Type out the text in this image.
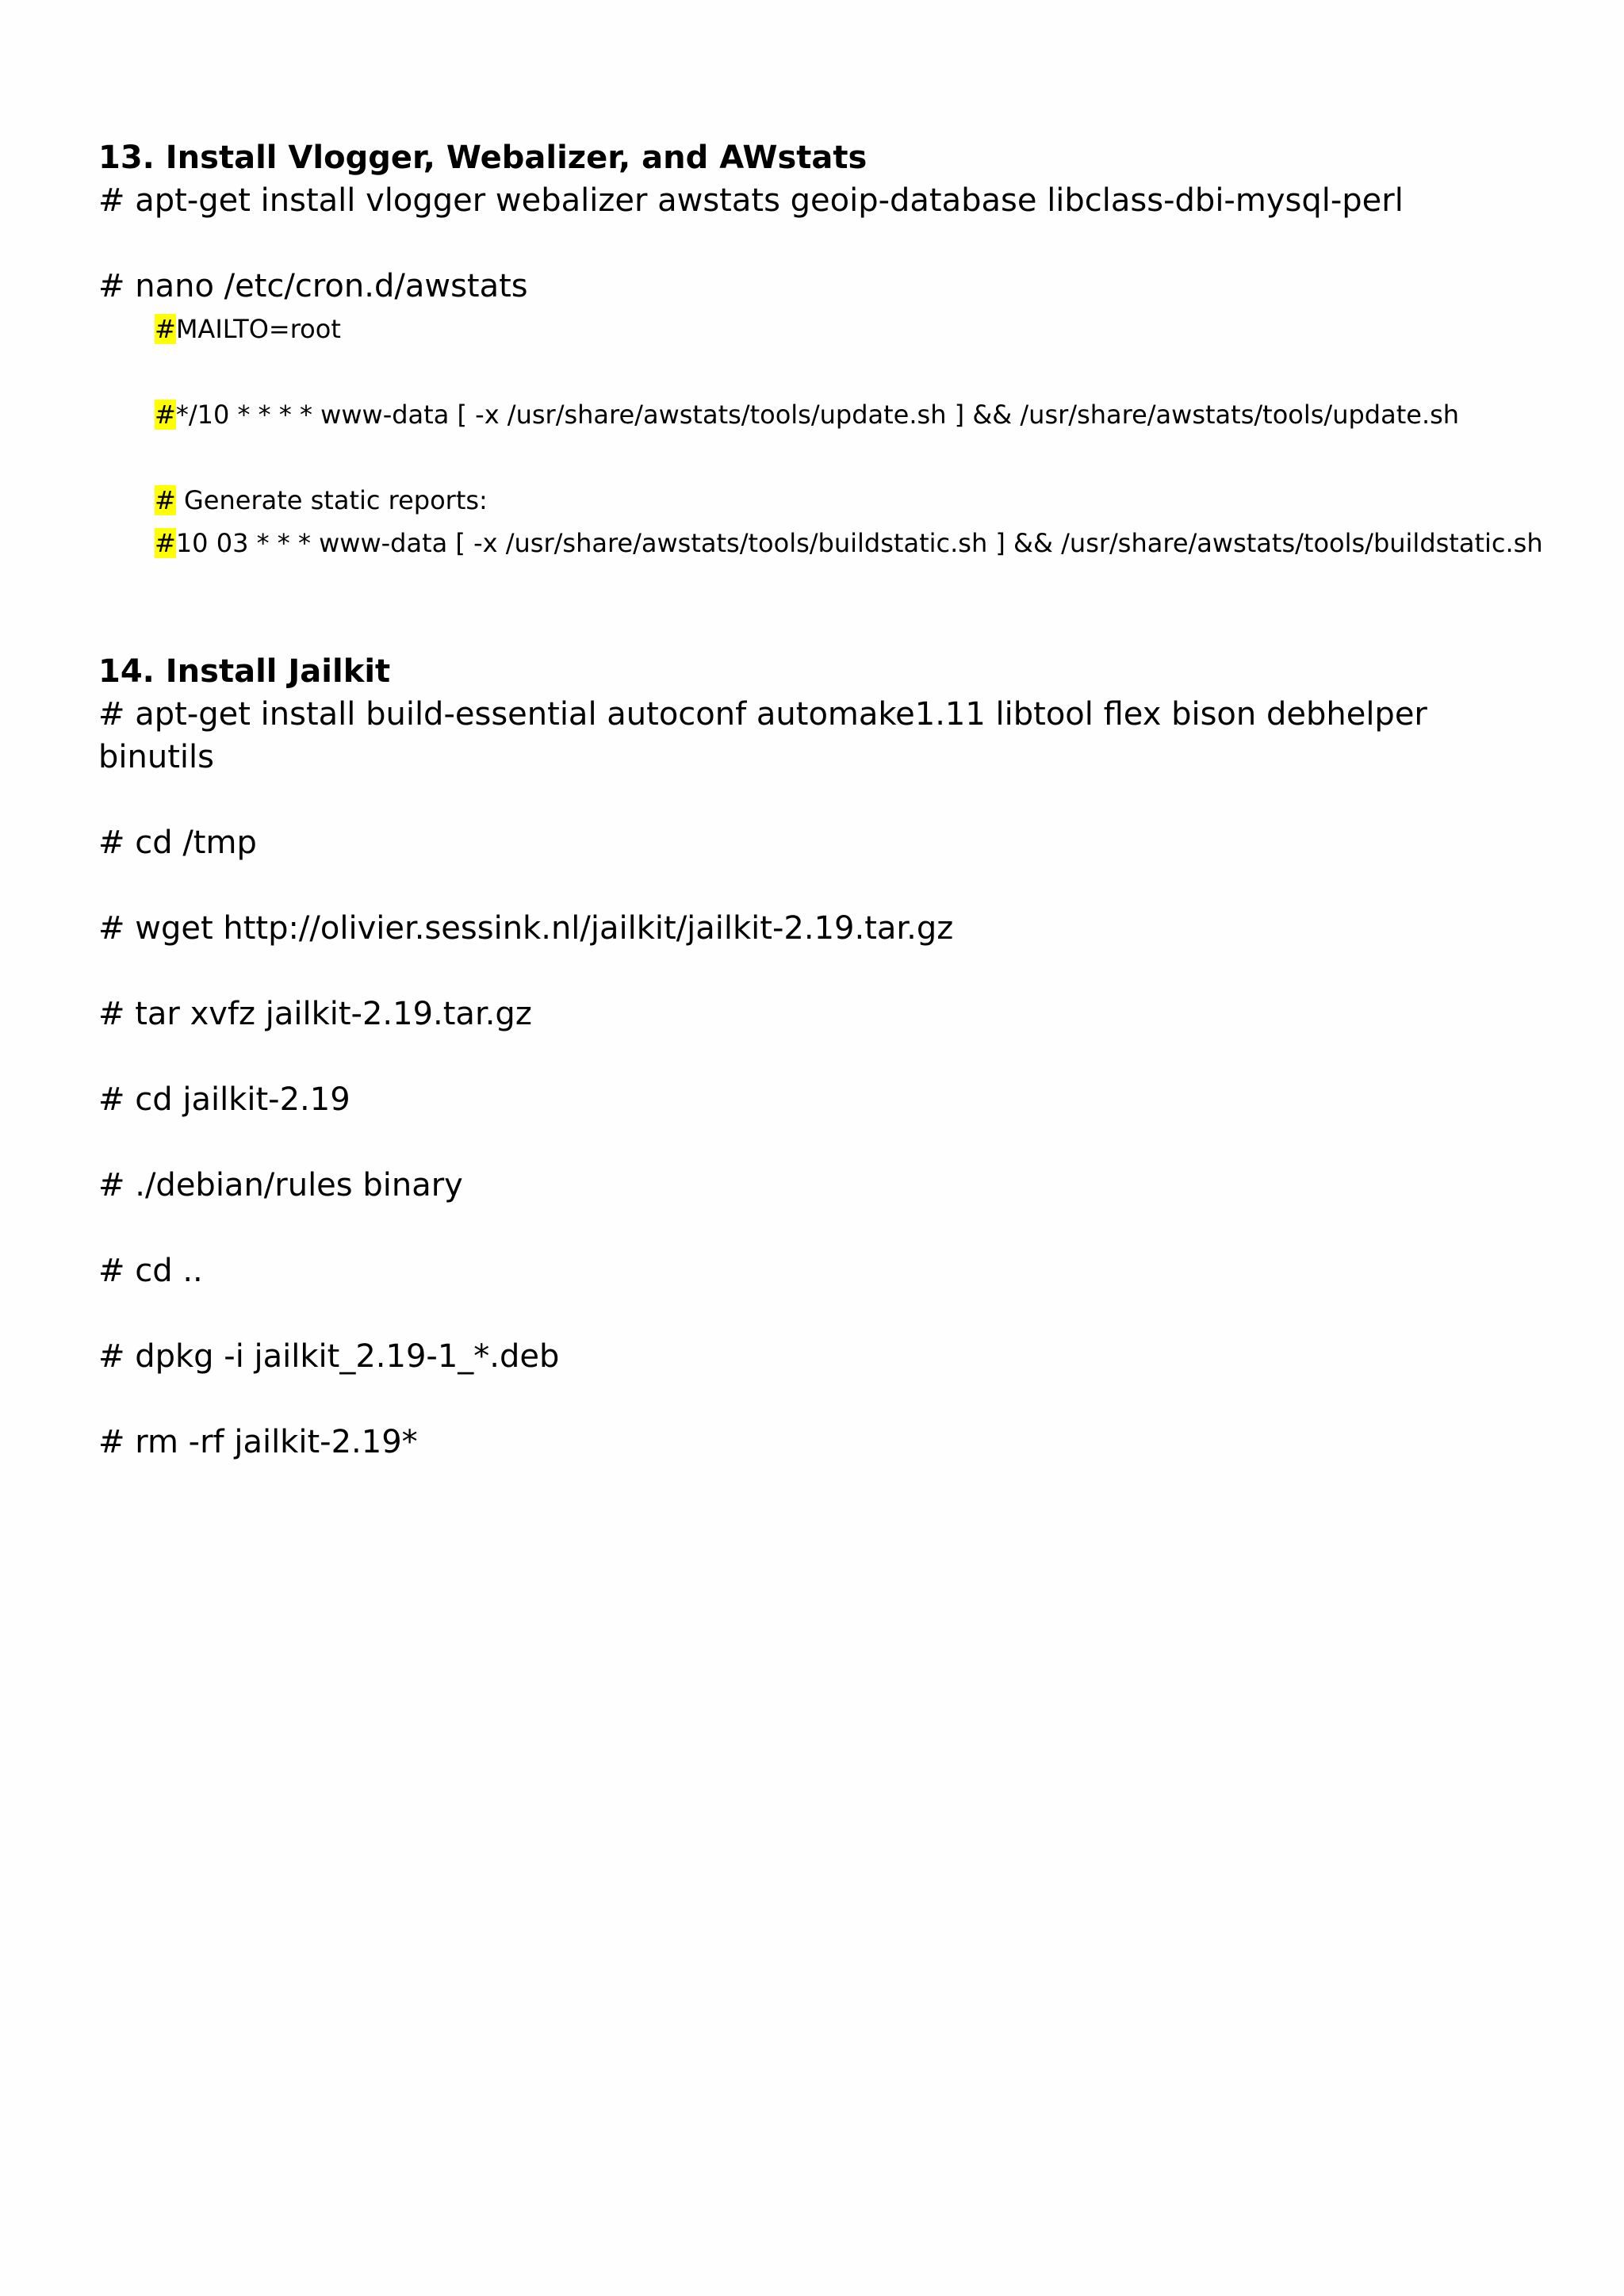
13. Install Vlogger, Webalizer, and AWstats
# apt-get install vlogger webalizer awstats geoip-database libclass-dbi-mysql-perl
# nano /etc/cron.d/awstats
#MAILTO=root
#*/10 * * * * www-data [ -x /usr/share/awstats/tools/update.sh ] && /usr/share/awstats/tools/update.sh
# Generate static reports:
#10 03 * * * www-data [ -x /usr/share/awstats/tools/buildstatic.sh ] && /usr/share/awstats/tools/buildstatic.sh
14. Install Jailkit
# apt-get install build-essential autoconf automake1.11 libtool flex bison debhelper binutils
# cd /tmp
# wget http://olivier.sessink.nl/jailkit/jailkit-2.19.tar.gz
# tar xvfz jailkit-2.19.tar.gz
# cd jailkit-2.19
# ./debian/rules binary
# cd ..
# dpkg -i jailkit_2.19-1_*.deb
# rm -rf jailkit-2.19*
